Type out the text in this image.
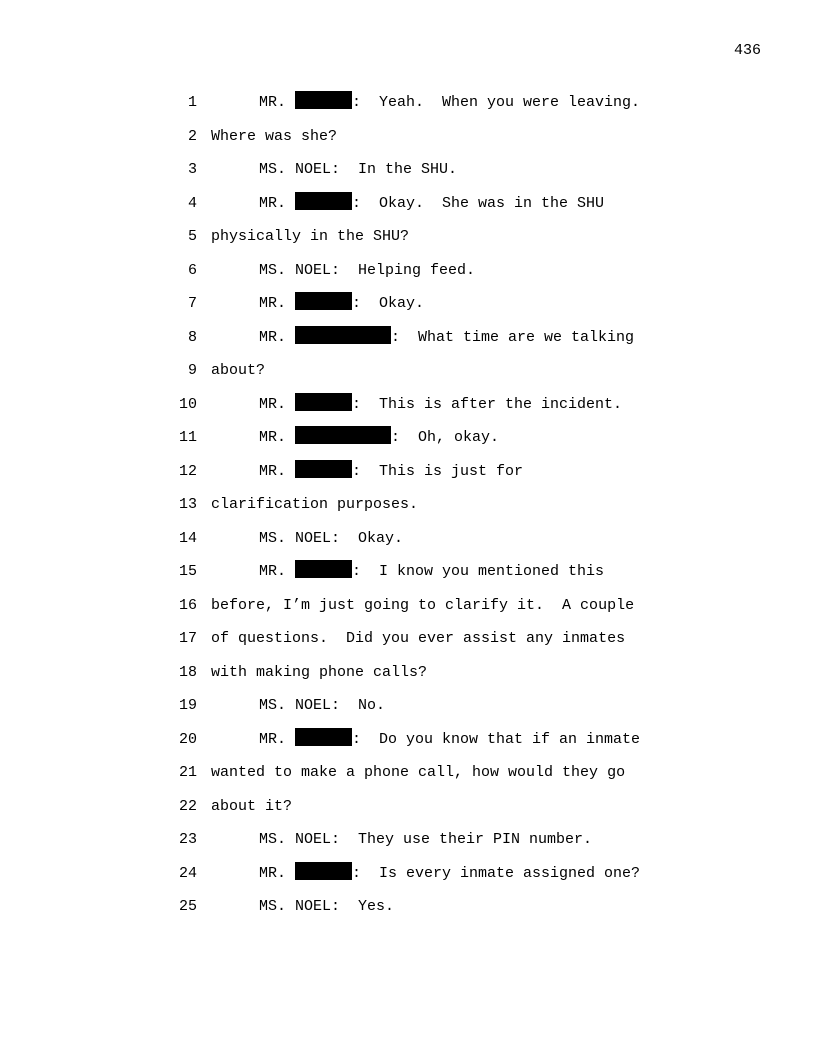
436
1	MR.	:  Yeah.  When you were leaving.
2 Where was she?
3	MS. NOEL:  In the SHU.
4	MR.	:  Okay.  She was in the SHU
5 physically in the SHU?
6	MS. NOEL:  Helping feed.
7	MR.	:  Okay.
8	MR.	:  What time are we talking
9 about?
10	MR.	:  This is after the incident.
11	MR.	:  Oh, okay.
12	MR.	:  This is just for
13 clarification purposes.
14	MS. NOEL:  Okay.
15	MR.	:  I know you mentioned this
16 before, I’m just going to clarify it.  A couple
17 of questions.  Did you ever assist any inmates
18 with making phone calls?
19	MS. NOEL:  No.
20	MR.	:  Do you know that if an inmate
21 wanted to make a phone call, how would they go
22 about it?
23	MS. NOEL:  They use their PIN number.
24	MR.	:  Is every inmate assigned one?
25	MS. NOEL:  Yes.
